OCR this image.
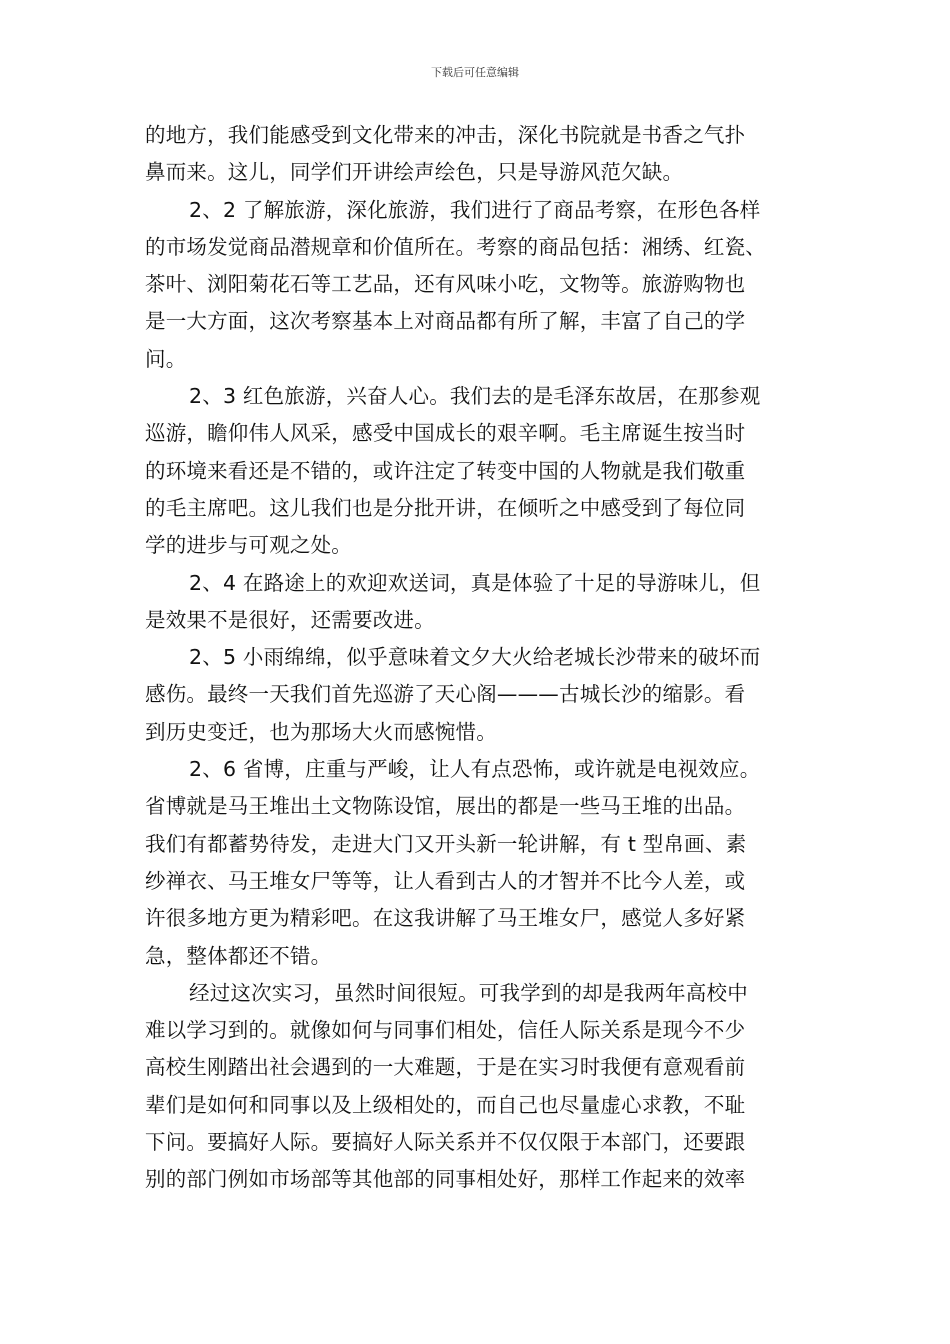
下载后可任意编辑
的地方，我们能感受到文化带来的冲击，深化书院就是书香之气扑
鼻而来。这儿，同学们开讲绘声绘色，只是导游风范欠缺。
2、2 了解旅游，深化旅游，我们进行了商品考察，在形色各样
的市场发觉商品潜规章和价值所在。考察的商品包括：湘绣、红瓷、
茶叶、浏阳菊花石等工艺品，还有风味小吃，文物等。旅游购物也
是一大方面，这次考察基本上对商品都有所了解，丰富了自己的学
问。
2、3 红色旅游，兴奋人心。我们去的是毛泽东故居，在那参观
巡游，瞻仰伟人风采，感受中国成长的艰辛啊。毛主席诞生按当时
的环境来看还是不错的，或许注定了转变中国的人物就是我们敬重
的毛主席吧。这儿我们也是分批开讲，在倾听之中感受到了每位同
学的进步与可观之处。
2、4 在路途上的欢迎欢送词，真是体验了十足的导游味儿，但
是效果不是很好，还需要改进。
2、5 小雨绵绵，似乎意味着文夕大火给老城长沙带来的破坏而
感伤。最终一天我们首先巡游了天心阁———古城长沙的缩影。看
到历史变迁，也为那场大火而感惋惜。
2、6 省博，庄重与严峻，让人有点恐怖，或许就是电视效应。
省博就是马王堆出土文物陈设馆，展出的都是一些马王堆的出品。
我们有都蓄势待发，走进大门又开头新一轮讲解，有 t 型帛画、素
纱禅衣、马王堆女尸等等，让人看到古人的才智并不比今人差，或
许很多地方更为精彩吧。在这我讲解了马王堆女尸，感觉人多好紧
急，整体都还不错。
经过这次实习，虽然时间很短。可我学到的却是我两年高校中
难以学习到的。就像如何与同事们相处，信任人际关系是现今不少
高校生刚踏出社会遇到的一大难题，于是在实习时我便有意观看前
辈们是如何和同事以及上级相处的，而自己也尽量虚心求教，不耻
下问。要搞好人际。要搞好人际关系并不仅仅限于本部门，还要跟
别的部门例如市场部等其他部的同事相处好，那样工作起来的效率
